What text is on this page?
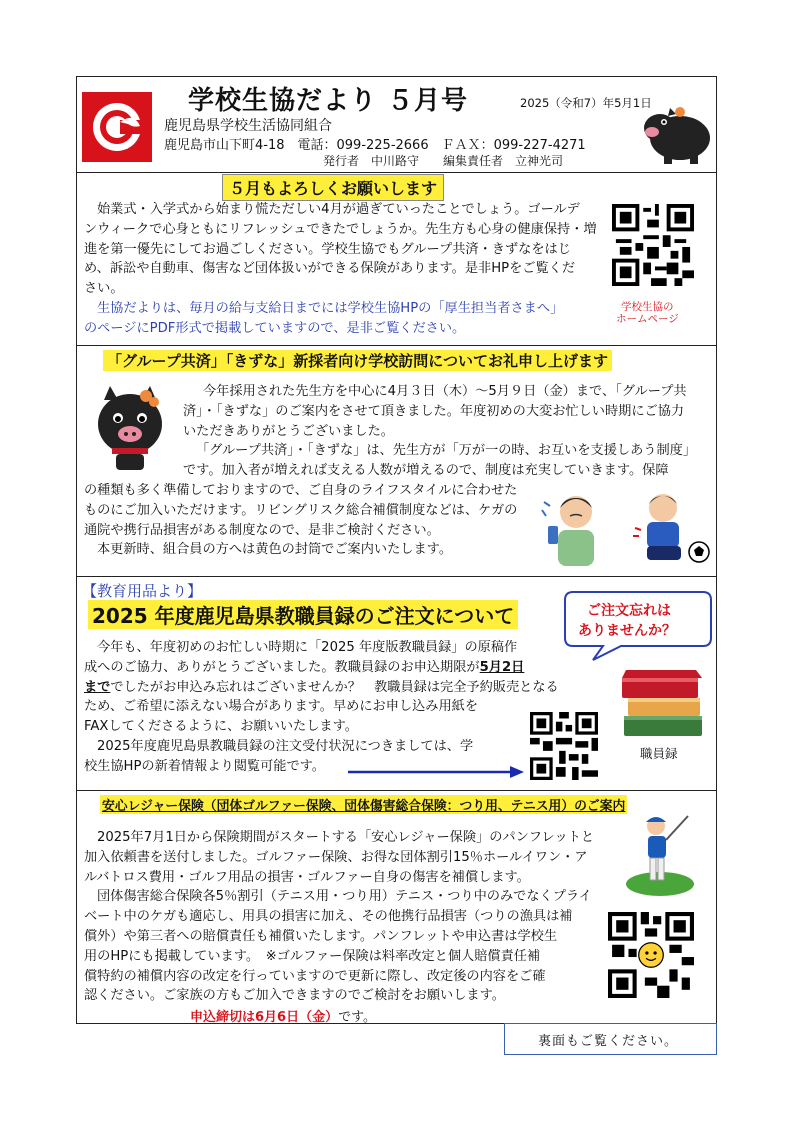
学校生協だより ５月号	2025（令和7）年5月1日
鹿児島県学校生活協同組合
鹿児島市山下町4-18　電話：099-225-2666　ＦＡＸ：099-227-4271
発行者　中川路守　　編集責任者　立神光司
５月もよろしくお願いします
始業式・入学式から始まり慌ただしい4月が過ぎていったことでしょう。ゴールデ
ンウィークで心身ともにリフレッシュできたでしょうか。先生方も心身の健康保持・増
進を第一優先にしてお過ごしください。学校生協でもグループ共済・きずなをはじ
め、訴訟や自動車、傷害など団体扱いができる保険があります。是非HPをご覧くだ
さい。
生協だよりは、毎月の給与支給日までには学校生協HPの「厚生担当者さまへ」
のページにPDF形式で掲載していますので、是非ご覧ください。
学校生協の
ホームページ
「グループ共済」「きずな」新採者向け学校訪問についてお礼申し上げます
今年採用された先生方を中心に4月３日（木）～5月９日（金）まで、「グループ共
済」・「きずな」のご案内をさせて頂きました。年度初めの大変お忙しい時期にご協力
いただきありがとうございました。
「グループ共済」・「きずな」は、先生方が「万が一の時、お互いを支援しあう制度」
です。加入者が増えれば支える人数が増えるので、制度は充実していきます。保障
の種類も多く準備しておりますので、ご自身のライフスタイルに合わせた
ものにご加入いただけます。リビングリスク総合補償制度などは、ケガの
通院や携行品損害がある制度なので、是非ご検討ください。
本更新時、組合員の方へは黄色の封筒でご案内いたします。
【教育用品より】
2025 年度鹿児島県教職員録のご注文について	ご注文忘れは
ありませんか？
今年も、年度初めのお忙しい時期に「2025 年度版教職員録」の原稿作
成へのご協力、ありがとうございました。教職員録のお申込期限が5月2日
まででしたがお申込み忘れはございませんか？　教職員録は完全予約販売となる
ため、ご希望に添えない場合があります。早めにお申し込み用紙を
FAXしてくださるように、お願いいたします。
2025年度鹿児島県教職員録の注文受付状況につきましては、学
校生協HPの新着情報より閲覧可能です。
職員録
安心レジャー保険（団体ゴルファー保険、団体傷害総合保険：つり用、テニス用）のご案内
2025年7月1日から保険期間がスタートする「安心レジャー保険」のパンフレットと
加入依頼書を送付しました。ゴルファー保険、お得な団体割引15％ホールイワン・ア
ルバトロス費用・ゴルフ用品の損害・ゴルファー自身の傷害を補償します。
団体傷害総合保険各5％割引（テニス用・つり用）テニス・つり中のみでなくプライ
ベート中のケガも適応し、用具の損害に加え、その他携行品損害（つりの漁具は補
償外）や第三者への賠償責任も補償いたします。パンフレットや申込書は学校生
用のHPにも掲載しています。　※ゴルファー保険は料率改定と個人賠償責任補
償特約の補償内容の改定を行っていますので更新に際し、改定後の内容をご確
認ください。ご家族の方もご加入できますのでご検討をお願いします。
申込締切は6月6日（金）です。
裏面もご覧ください。
